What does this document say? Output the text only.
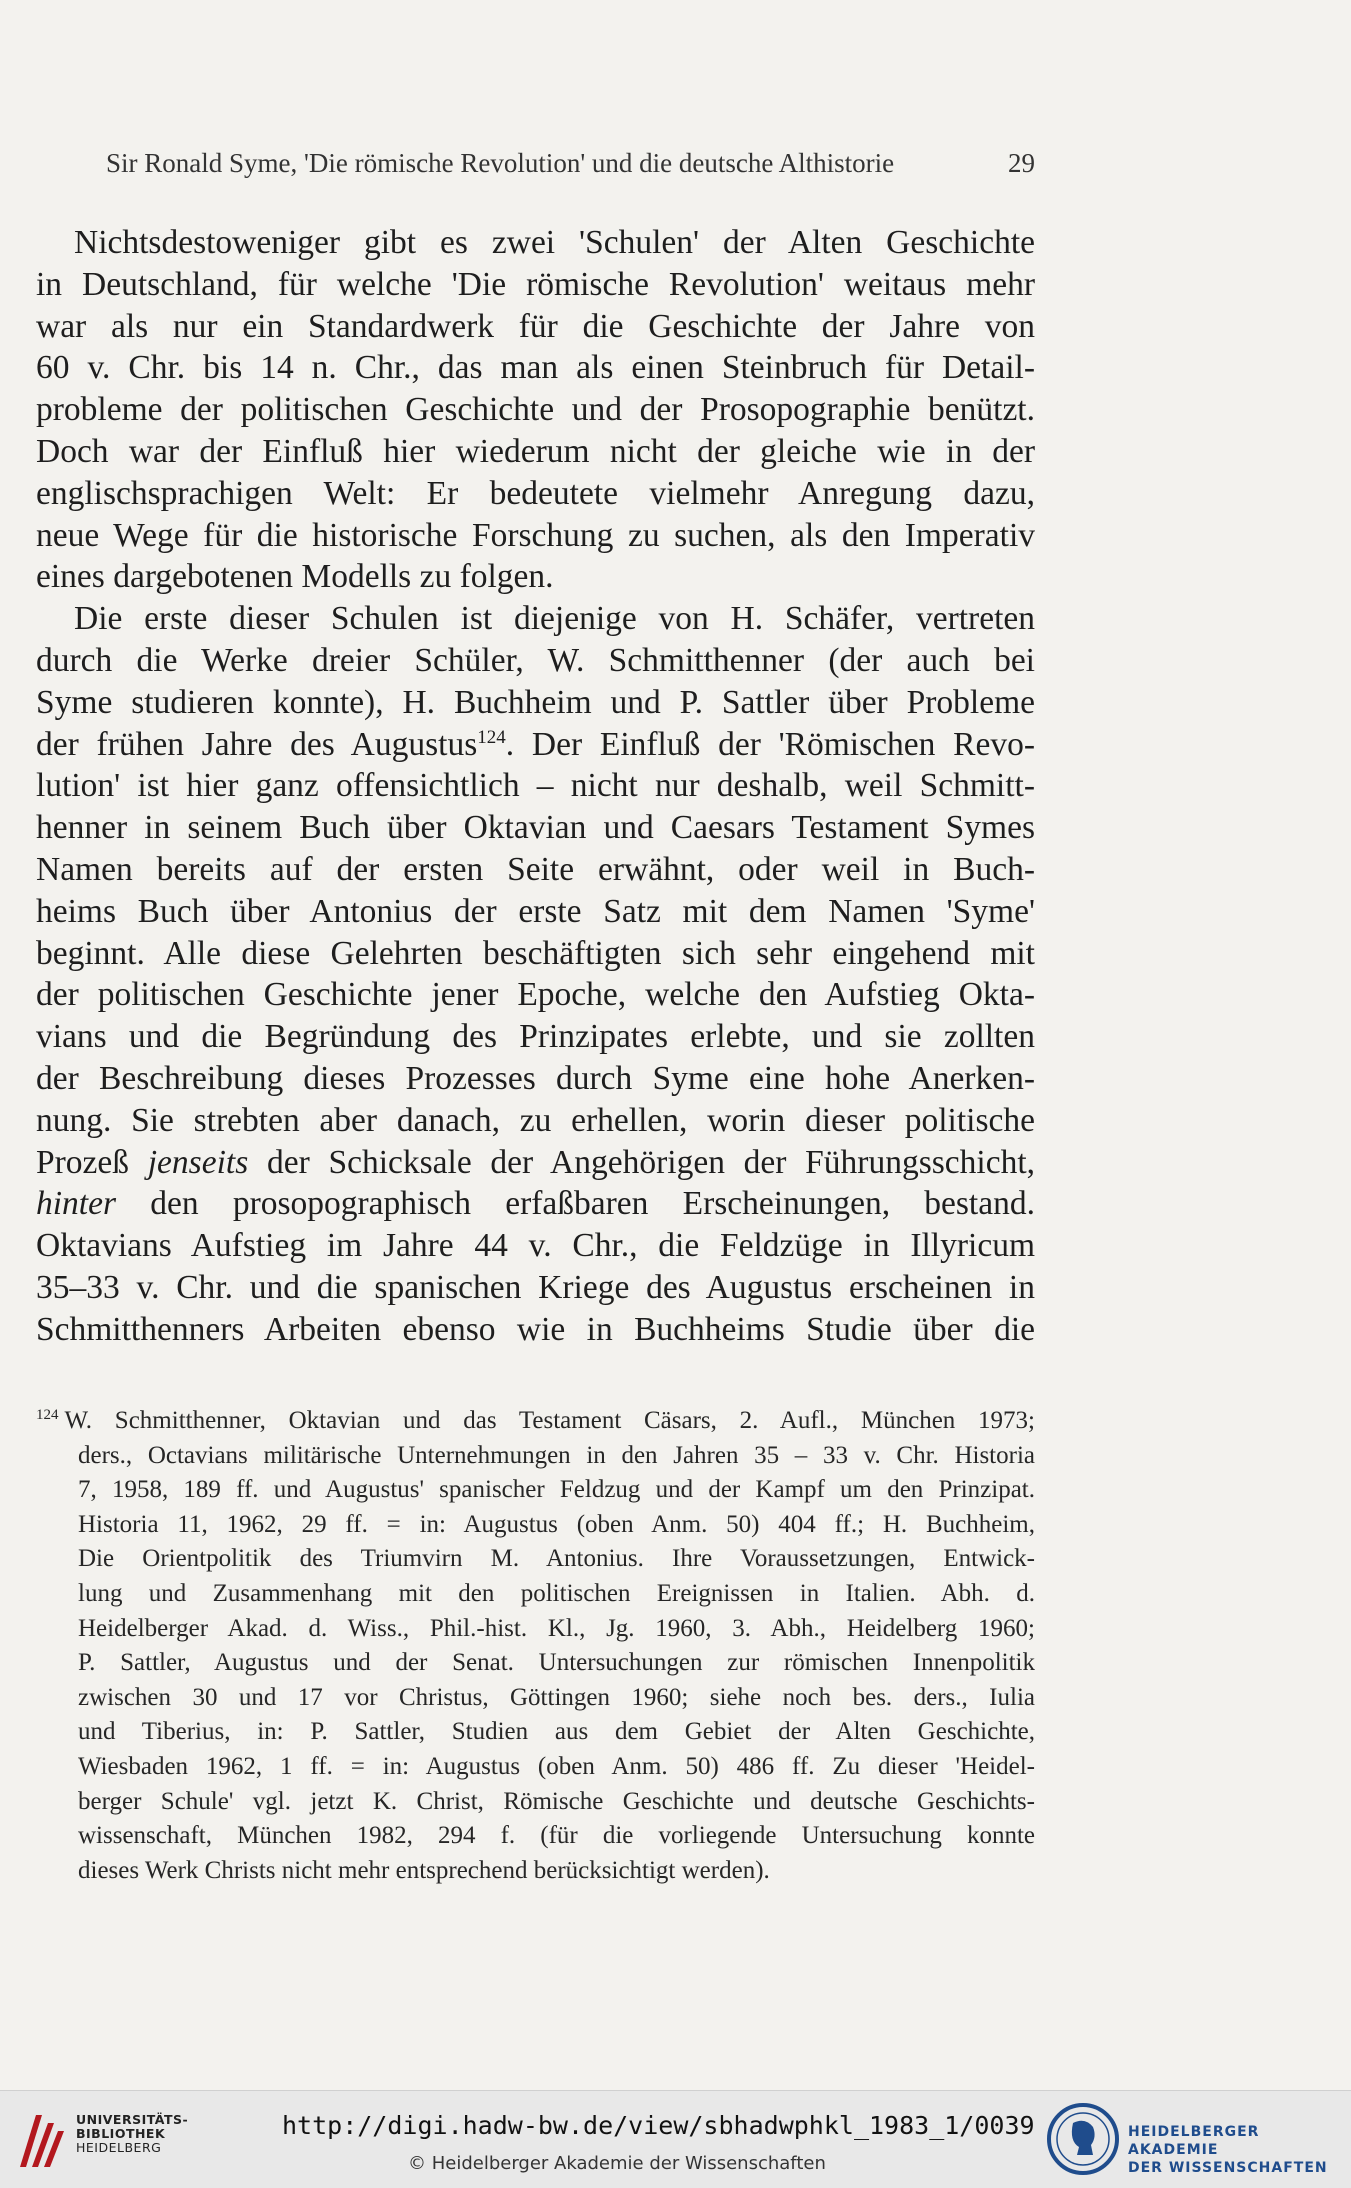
Sir Ronald Syme, 'Die römische Revolution' und die deutsche Althistorie	29
Nichtsdestoweniger gibt es zwei 'Schulen' der Alten Geschichte
in Deutschland, für welche 'Die römische Revolution' weitaus mehr
war als nur ein Standardwerk für die Geschichte der Jahre von
60 v. Chr. bis 14 n. Chr., das man als einen Steinbruch für Detail-
probleme der politischen Geschichte und der Prosopographie benützt.
Doch war der Einfluß hier wiederum nicht der gleiche wie in der
englischsprachigen Welt: Er bedeutete vielmehr Anregung dazu,
neue Wege für die historische Forschung zu suchen, als den Imperativ
eines dargebotenen Modells zu folgen.
Die erste dieser Schulen ist diejenige von H. Schäfer, vertreten
durch die Werke dreier Schüler, W. Schmitthenner (der auch bei
Syme studieren konnte), H. Buchheim und P. Sattler über Probleme
der frühen Jahre des Augustus$^{124}$. Der Einfluß der 'Römischen Revo-
lution' ist hier ganz offensichtlich – nicht nur deshalb, weil Schmitt-
henner in seinem Buch über Oktavian und Caesars Testament Symes
Namen bereits auf der ersten Seite erwähnt, oder weil in Buch-
heims Buch über Antonius der erste Satz mit dem Namen 'Syme'
beginnt. Alle diese Gelehrten beschäftigten sich sehr eingehend mit
der politischen Geschichte jener Epoche, welche den Aufstieg Okta-
vians und die Begründung des Prinzipates erlebte, und sie zollten
der Beschreibung dieses Prozesses durch Syme eine hohe Anerken-
nung. Sie strebten aber danach, zu erhellen, worin dieser politische
Prozeß jenseits der Schicksale der Angehörigen der Führungsschicht,
hinter den prosopographisch erfaßbaren Erscheinungen, bestand.
Oktavians Aufstieg im Jahre 44 v. Chr., die Feldzüge in Illyricum
35–33 v. Chr. und die spanischen Kriege des Augustus erscheinen in
Schmitthenners Arbeiten ebenso wie in Buchheims Studie über die
$^{124}$ W. Schmitthenner, Oktavian und das Testament Cäsars, 2. Aufl., München 1973;
ders., Octavians militärische Unternehmungen in den Jahren 35 – 33 v. Chr. Historia
7, 1958, 189 ff. und Augustus' spanischer Feldzug und der Kampf um den Prinzipat.
Historia 11, 1962, 29 ff. = in: Augustus (oben Anm. 50) 404 ff.; H. Buchheim,
Die Orientpolitik des Triumvirn M. Antonius. Ihre Voraussetzungen, Entwick-
lung und Zusammenhang mit den politischen Ereignissen in Italien. Abh. d.
Heidelberger Akad. d. Wiss., Phil.-hist. Kl., Jg. 1960, 3. Abh., Heidelberg 1960;
P. Sattler, Augustus und der Senat. Untersuchungen zur römischen Innenpolitik
zwischen 30 und 17 vor Christus, Göttingen 1960; siehe noch bes. ders., Iulia
und Tiberius, in: P. Sattler, Studien aus dem Gebiet der Alten Geschichte,
Wiesbaden 1962, 1 ff. = in: Augustus (oben Anm. 50) 486 ff. Zu dieser 'Heidel-
berger Schule' vgl. jetzt K. Christ, Römische Geschichte und deutsche Geschichts-
wissenschaft, München 1982, 294 f. (für die vorliegende Untersuchung konnte
dieses Werk Christs nicht mehr entsprechend berücksichtigt werden).
UNIVERSITÄTS-
BIBLIOTHEK
HEIDELBERG
http://digi.hadw-bw.de/view/sbhadwphkl_1983_1/0039
© Heidelberger Akademie der Wissenschaften
HEIDELBERGER AKADEMIE
DER WISSENSCHAFTEN
